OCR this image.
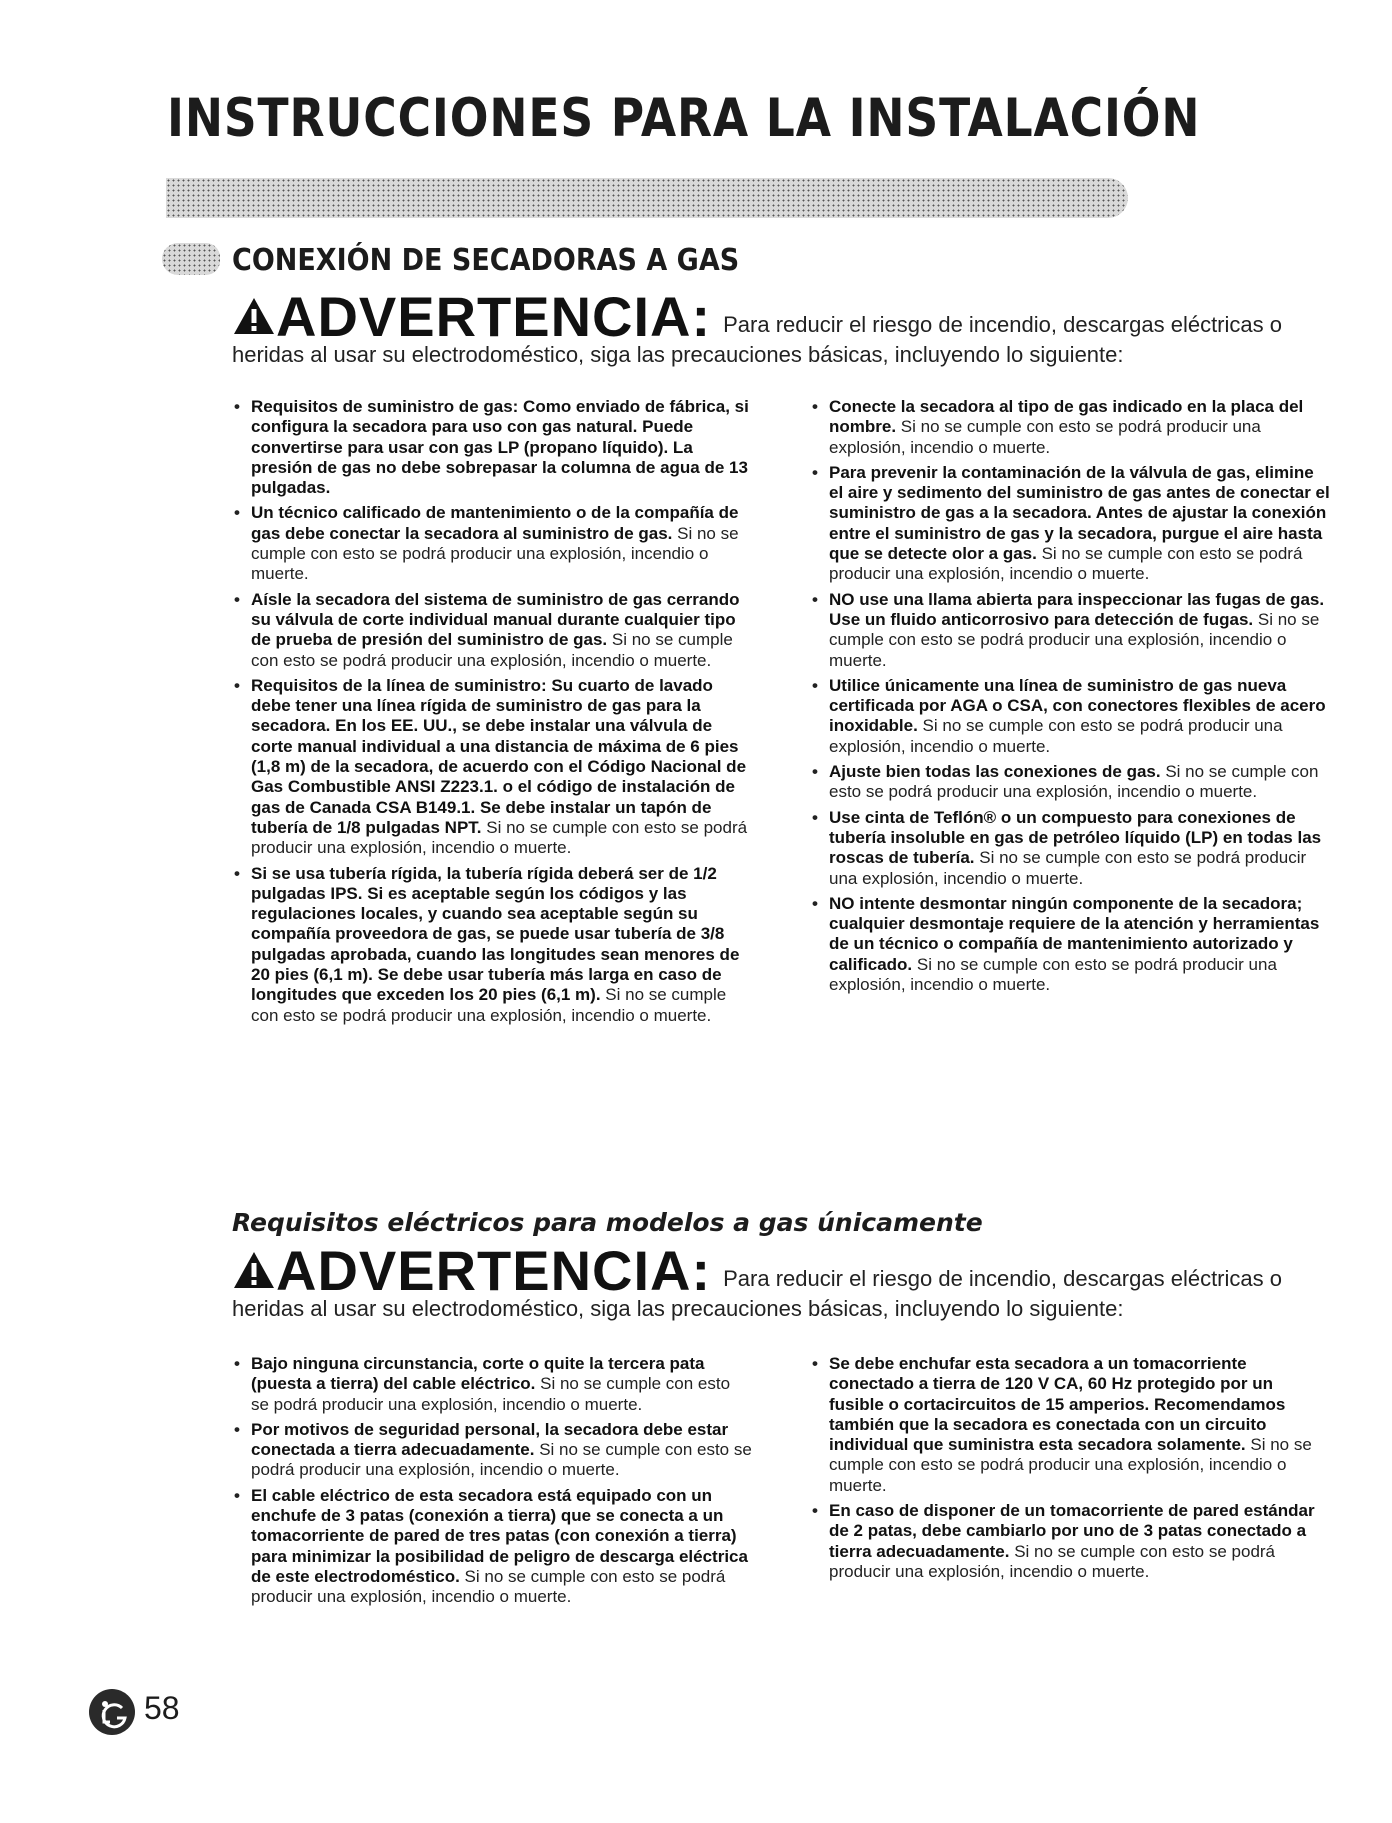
INSTRUCCIONES PARA LA INSTALACIÓN
CONEXIÓN DE SECADORAS A GAS
ADVERTENCIA: Para reducir el riesgo de incendio, descargas eléctricas o heridas al usar su electrodoméstico, siga las precauciones básicas, incluyendo lo siguiente:
• Requisitos de suministro de gas: Como enviado de fábrica, si configura la secadora para uso con gas natural. Puede convertirse para usar con gas LP (propano líquido). La presión de gas no debe sobrepasar la columna de agua de 13 pulgadas.
• Un técnico calificado de mantenimiento o de la compañía de gas debe conectar la secadora al suministro de gas. Si no se cumple con esto se podrá producir una explosión, incendio o muerte.
• Aísle la secadora del sistema de suministro de gas cerrando su válvula de corte individual manual durante cualquier tipo de prueba de presión del suministro de gas. Si no se cumple con esto se podrá producir una explosión, incendio o muerte.
• Requisitos de la línea de suministro: Su cuarto de lavado debe tener una línea rígida de suministro de gas para la secadora. En los EE. UU., se debe instalar una válvula de corte manual individual a una distancia de máxima de 6 pies (1,8 m) de la secadora, de acuerdo con el Código Nacional de Gas Combustible ANSI Z223.1. o el código de instalación de gas de Canada CSA B149.1. Se debe instalar un tapón de tubería de 1/8 pulgadas NPT. Si no se cumple con esto se podrá producir una explosión, incendio o muerte.
• Si se usa tubería rígida, la tubería rígida deberá ser de 1/2 pulgadas IPS. Si es aceptable según los códigos y las regulaciones locales, y cuando sea aceptable según su compañía proveedora de gas, se puede usar tubería de 3/8 pulgadas aprobada, cuando las longitudes sean menores de 20 pies (6,1 m). Se debe usar tubería más larga en caso de longitudes que exceden los 20 pies (6,1 m). Si no se cumple con esto se podrá producir una explosión, incendio o muerte.
• Conecte la secadora al tipo de gas indicado en la placa del nombre. Si no se cumple con esto se podrá producir una explosión, incendio o muerte.
• Para prevenir la contaminación de la válvula de gas, elimine el aire y sedimento del suministro de gas antes de conectar el suministro de gas a la secadora. Antes de ajustar la conexión entre el suministro de gas y la secadora, purgue el aire hasta que se detecte olor a gas. Si no se cumple con esto se podrá producir una explosión, incendio o muerte.
• NO use una llama abierta para inspeccionar las fugas de gas. Use un fluido anticorrosivo para detección de fugas. Si no se cumple con esto se podrá producir una explosión, incendio o muerte.
• Utilice únicamente una línea de suministro de gas nueva certificada por AGA o CSA, con conectores flexibles de acero inoxidable. Si no se cumple con esto se podrá producir una explosión, incendio o muerte.
• Ajuste bien todas las conexiones de gas. Si no se cumple con esto se podrá producir una explosión, incendio o muerte.
• Use cinta de Teflón® o un compuesto para conexiones de tubería insoluble en gas de petróleo líquido (LP) en todas las roscas de tubería. Si no se cumple con esto se podrá producir una explosión, incendio o muerte.
• NO intente desmontar ningún componente de la secadora; cualquier desmontaje requiere de la atención y herramientas de un técnico o compañía de mantenimiento autorizado y calificado. Si no se cumple con esto se podrá producir una explosión, incendio o muerte.
Requisitos eléctricos para modelos a gas únicamente
ADVERTENCIA: Para reducir el riesgo de incendio, descargas eléctricas o heridas al usar su electrodoméstico, siga las precauciones básicas, incluyendo lo siguiente:
• Bajo ninguna circunstancia, corte o quite la tercera pata (puesta a tierra) del cable eléctrico. Si no se cumple con esto se podrá producir una explosión, incendio o muerte.
• Por motivos de seguridad personal, la secadora debe estar conectada a tierra adecuadamente. Si no se cumple con esto se podrá producir una explosión, incendio o muerte.
• El cable eléctrico de esta secadora está equipado con un enchufe de 3 patas (conexión a tierra) que se conecta a un tomacorriente de pared de tres patas (con conexión a tierra) para minimizar la posibilidad de peligro de descarga eléctrica de este electrodoméstico. Si no se cumple con esto se podrá producir una explosión, incendio o muerte.
• Se debe enchufar esta secadora a un tomacorriente conectado a tierra de 120 V CA, 60 Hz protegido por un fusible o cortacircuitos de 15 amperios. Recomendamos también que la secadora es conectada con un circuito individual que suministra esta secadora solamente. Si no se cumple con esto se podrá producir una explosión, incendio o muerte.
• En caso de disponer de un tomacorriente de pared estándar de 2 patas, debe cambiarlo por uno de 3 patas conectado a tierra adecuadamente. Si no se cumple con esto se podrá producir una explosión, incendio o muerte.
58
